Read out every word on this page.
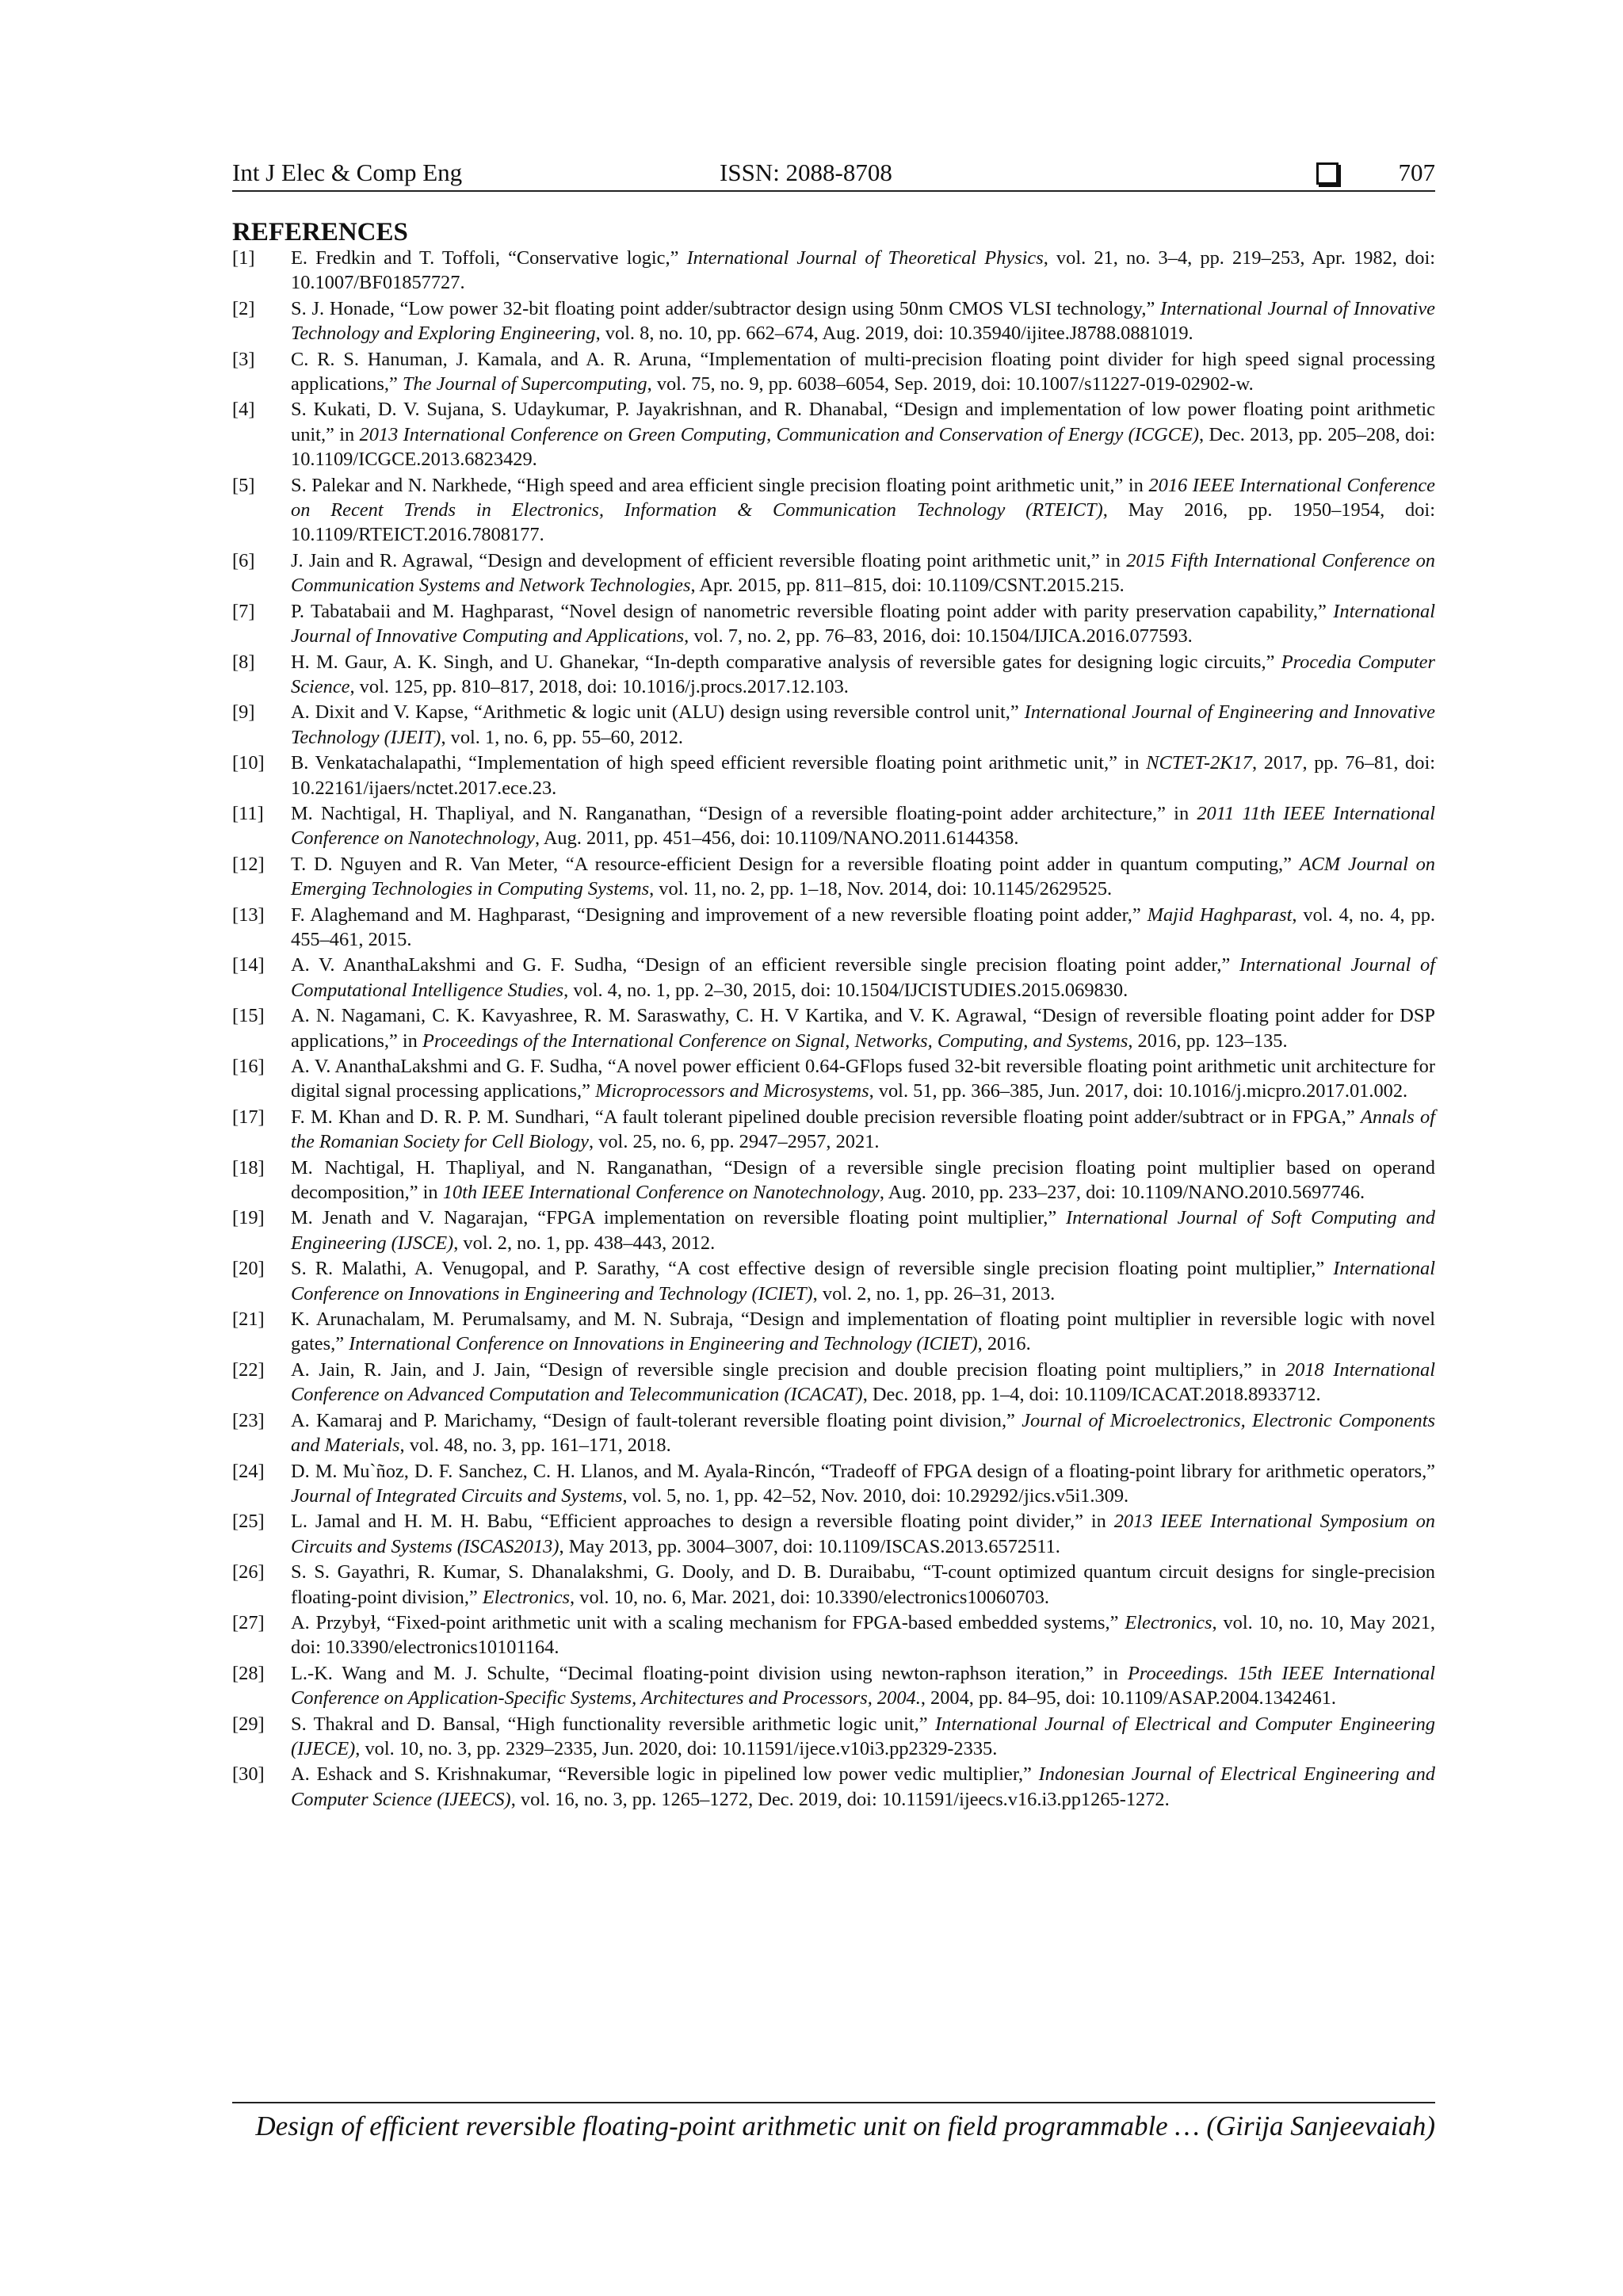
Int J Elec & Comp Eng	ISSN: 2088-8708	707
REFERENCES
[1] E. Fredkin and T. Toffoli, “Conservative logic,” International Journal of Theoretical Physics, vol. 21, no. 3–4, pp. 219–253, Apr. 1982, doi: 10.1007/BF01857727.
[2] S. J. Honade, “Low power 32-bit floating point adder/subtractor design using 50nm CMOS VLSI technology,” International Journal of Innovative Technology and Exploring Engineering, vol. 8, no. 10, pp. 662–674, Aug. 2019, doi: 10.35940/ijitee.J8788.0881019.
[3] C. R. S. Hanuman, J. Kamala, and A. R. Aruna, “Implementation of multi-precision floating point divider for high speed signal processing applications,” The Journal of Supercomputing, vol. 75, no. 9, pp. 6038–6054, Sep. 2019, doi: 10.1007/s11227-019-02902-w.
[4] S. Kukati, D. V. Sujana, S. Udaykumar, P. Jayakrishnan, and R. Dhanabal, “Design and implementation of low power floating point arithmetic unit,” in 2013 International Conference on Green Computing, Communication and Conservation of Energy (ICGCE), Dec. 2013, pp. 205–208, doi: 10.1109/ICGCE.2013.6823429.
[5] S. Palekar and N. Narkhede, “High speed and area efficient single precision floating point arithmetic unit,” in 2016 IEEE International Conference on Recent Trends in Electronics, Information & Communication Technology (RTEICT), May 2016, pp. 1950–1954, doi: 10.1109/RTEICT.2016.7808177.
[6] J. Jain and R. Agrawal, “Design and development of efficient reversible floating point arithmetic unit,” in 2015 Fifth International Conference on Communication Systems and Network Technologies, Apr. 2015, pp. 811–815, doi: 10.1109/CSNT.2015.215.
[7] P. Tabatabaii and M. Haghparast, “Novel design of nanometric reversible floating point adder with parity preservation capability,” International Journal of Innovative Computing and Applications, vol. 7, no. 2, pp. 76–83, 2016, doi: 10.1504/IJICA.2016.077593.
[8] H. M. Gaur, A. K. Singh, and U. Ghanekar, “In-depth comparative analysis of reversible gates for designing logic circuits,” Procedia Computer Science, vol. 125, pp. 810–817, 2018, doi: 10.1016/j.procs.2017.12.103.
[9] A. Dixit and V. Kapse, “Arithmetic & logic unit (ALU) design using reversible control unit,” International Journal of Engineering and Innovative Technology (IJEIT), vol. 1, no. 6, pp. 55–60, 2012.
[10] B. Venkatachalapathi, “Implementation of high speed efficient reversible floating point arithmetic unit,” in NCTET-2K17, 2017, pp. 76–81, doi: 10.22161/ijaers/nctet.2017.ece.23.
[11] M. Nachtigal, H. Thapliyal, and N. Ranganathan, “Design of a reversible floating-point adder architecture,” in 2011 11th IEEE International Conference on Nanotechnology, Aug. 2011, pp. 451–456, doi: 10.1109/NANO.2011.6144358.
[12] T. D. Nguyen and R. Van Meter, “A resource-efficient Design for a reversible floating point adder in quantum computing,” ACM Journal on Emerging Technologies in Computing Systems, vol. 11, no. 2, pp. 1–18, Nov. 2014, doi: 10.1145/2629525.
[13] F. Alaghemand and M. Haghparast, “Designing and improvement of a new reversible floating point adder,” Majid Haghparast, vol. 4, no. 4, pp. 455–461, 2015.
[14] A. V. AnanthaLakshmi and G. F. Sudha, “Design of an efficient reversible single precision floating point adder,” International Journal of Computational Intelligence Studies, vol. 4, no. 1, pp. 2–30, 2015, doi: 10.1504/IJCISTUDIES.2015.069830.
[15] A. N. Nagamani, C. K. Kavyashree, R. M. Saraswathy, C. H. V Kartika, and V. K. Agrawal, “Design of reversible floating point adder for DSP applications,” in Proceedings of the International Conference on Signal, Networks, Computing, and Systems, 2016, pp. 123–135.
[16] A. V. AnanthaLakshmi and G. F. Sudha, “A novel power efficient 0.64-GFlops fused 32-bit reversible floating point arithmetic unit architecture for digital signal processing applications,” Microprocessors and Microsystems, vol. 51, pp. 366–385, Jun. 2017, doi: 10.1016/j.micpro.2017.01.002.
[17] F. M. Khan and D. R. P. M. Sundhari, “A fault tolerant pipelined double precision reversible floating point adder/subtract or in FPGA,” Annals of the Romanian Society for Cell Biology, vol. 25, no. 6, pp. 2947–2957, 2021.
[18] M. Nachtigal, H. Thapliyal, and N. Ranganathan, “Design of a reversible single precision floating point multiplier based on operand decomposition,” in 10th IEEE International Conference on Nanotechnology, Aug. 2010, pp. 233–237, doi: 10.1109/NANO.2010.5697746.
[19] M. Jenath and V. Nagarajan, “FPGA implementation on reversible floating point multiplier,” International Journal of Soft Computing and Engineering (IJSCE), vol. 2, no. 1, pp. 438–443, 2012.
[20] S. R. Malathi, A. Venugopal, and P. Sarathy, “A cost effective design of reversible single precision floating point multiplier,” International Conference on Innovations in Engineering and Technology (ICIET), vol. 2, no. 1, pp. 26–31, 2013.
[21] K. Arunachalam, M. Perumalsamy, and M. N. Subraja, “Design and implementation of floating point multiplier in reversible logic with novel gates,” International Conference on Innovations in Engineering and Technology (ICIET), 2016.
[22] A. Jain, R. Jain, and J. Jain, “Design of reversible single precision and double precision floating point multipliers,” in 2018 International Conference on Advanced Computation and Telecommunication (ICACAT), Dec. 2018, pp. 1–4, doi: 10.1109/ICACAT.2018.8933712.
[23] A. Kamaraj and P. Marichamy, “Design of fault-tolerant reversible floating point division,” Journal of Microelectronics, Electronic Components and Materials, vol. 48, no. 3, pp. 161–171, 2018.
[24] D. M. Mu`ñoz, D. F. Sanchez, C. H. Llanos, and M. Ayala-Rincón, “Tradeoff of FPGA design of a floating-point library for arithmetic operators,” Journal of Integrated Circuits and Systems, vol. 5, no. 1, pp. 42–52, Nov. 2010, doi: 10.29292/jics.v5i1.309.
[25] L. Jamal and H. M. H. Babu, “Efficient approaches to design a reversible floating point divider,” in 2013 IEEE International Symposium on Circuits and Systems (ISCAS2013), May 2013, pp. 3004–3007, doi: 10.1109/ISCAS.2013.6572511.
[26] S. S. Gayathri, R. Kumar, S. Dhanalakshmi, G. Dooly, and D. B. Duraibabu, “T-count optimized quantum circuit designs for single-precision floating-point division,” Electronics, vol. 10, no. 6, Mar. 2021, doi: 10.3390/electronics10060703.
[27] A. Przybył, “Fixed-point arithmetic unit with a scaling mechanism for FPGA-based embedded systems,” Electronics, vol. 10, no. 10, May 2021, doi: 10.3390/electronics10101164.
[28] L.-K. Wang and M. J. Schulte, “Decimal floating-point division using newton-raphson iteration,” in Proceedings. 15th IEEE International Conference on Application-Specific Systems, Architectures and Processors, 2004., 2004, pp. 84–95, doi: 10.1109/ASAP.2004.1342461.
[29] S. Thakral and D. Bansal, “High functionality reversible arithmetic logic unit,” International Journal of Electrical and Computer Engineering (IJECE), vol. 10, no. 3, pp. 2329–2335, Jun. 2020, doi: 10.11591/ijece.v10i3.pp2329-2335.
[30] A. Eshack and S. Krishnakumar, “Reversible logic in pipelined low power vedic multiplier,” Indonesian Journal of Electrical Engineering and Computer Science (IJEECS), vol. 16, no. 3, pp. 1265–1272, Dec. 2019, doi: 10.11591/ijeecs.v16.i3.pp1265-1272.
Design of efficient reversible floating-point arithmetic unit on field programmable … (Girija Sanjeevaiah)
